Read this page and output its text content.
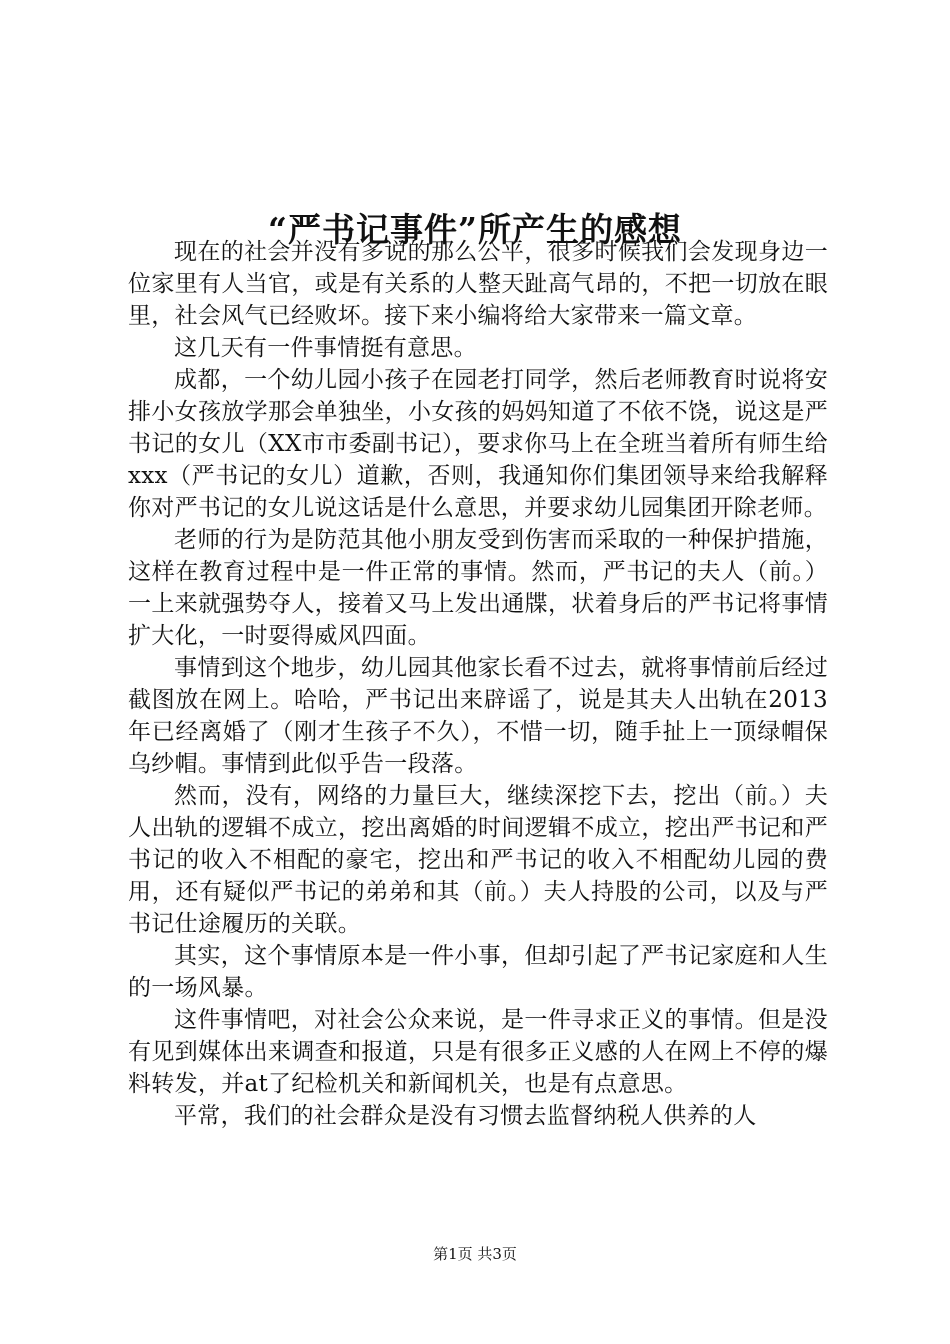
“严书记事件”所产生的感想

现在的社会并没有多说的那么公平，很多时候我们会发现身边一位家里有人当官，或是有关系的人整天趾高气昂的，不把一切放在眼里，社会风气已经败坏。接下来小编将给大家带来一篇文章。

这几天有一件事情挺有意思。

成都，一个幼儿园小孩子在园老打同学，然后老师教育时说将安排小女孩放学那会单独坐，小女孩的妈妈知道了不依不饶，说这是严书记的女儿（XX市市委副书记），要求你马上在全班当着所有师生给xxx（严书记的女儿）道歉，否则，我通知你们集团领导来给我解释你对严书记的女儿说这话是什么意思，并要求幼儿园集团开除老师。

老师的行为是防范其他小朋友受到伤害而采取的一种保护措施，这样在教育过程中是一件正常的事情。然而，严书记的夫人（前。）一上来就强势夺人，接着又马上发出通牒，状着身后的严书记将事情扩大化，一时耍得威风四面。

事情到这个地步，幼儿园其他家长看不过去，就将事情前后经过截图放在网上。哈哈，严书记出来辟谣了，说是其夫人出轨在2013年已经离婚了（刚才生孩子不久），不惜一切，随手扯上一顶绿帽保乌纱帽。事情到此似乎告一段落。

然而，没有，网络的力量巨大，继续深挖下去，挖出（前。）夫人出轨的逻辑不成立，挖出离婚的时间逻辑不成立，挖出严书记和严书记的收入不相配的豪宅，挖出和严书记的收入不相配幼儿园的费用，还有疑似严书记的弟弟和其（前。）夫人持股的公司，以及与严书记仕途履历的关联。

其实，这个事情原本是一件小事，但却引起了严书记家庭和人生的一场风暴。

这件事情吧，对社会公众来说，是一件寻求正义的事情。但是没有见到媒体出来调查和报道，只是有很多正义感的人在网上不停的爆料转发，并at了纪检机关和新闻机关，也是有点意思。

平常，我们的社会群众是没有习惯去监督纳税人供养的人

第1页 共3页
